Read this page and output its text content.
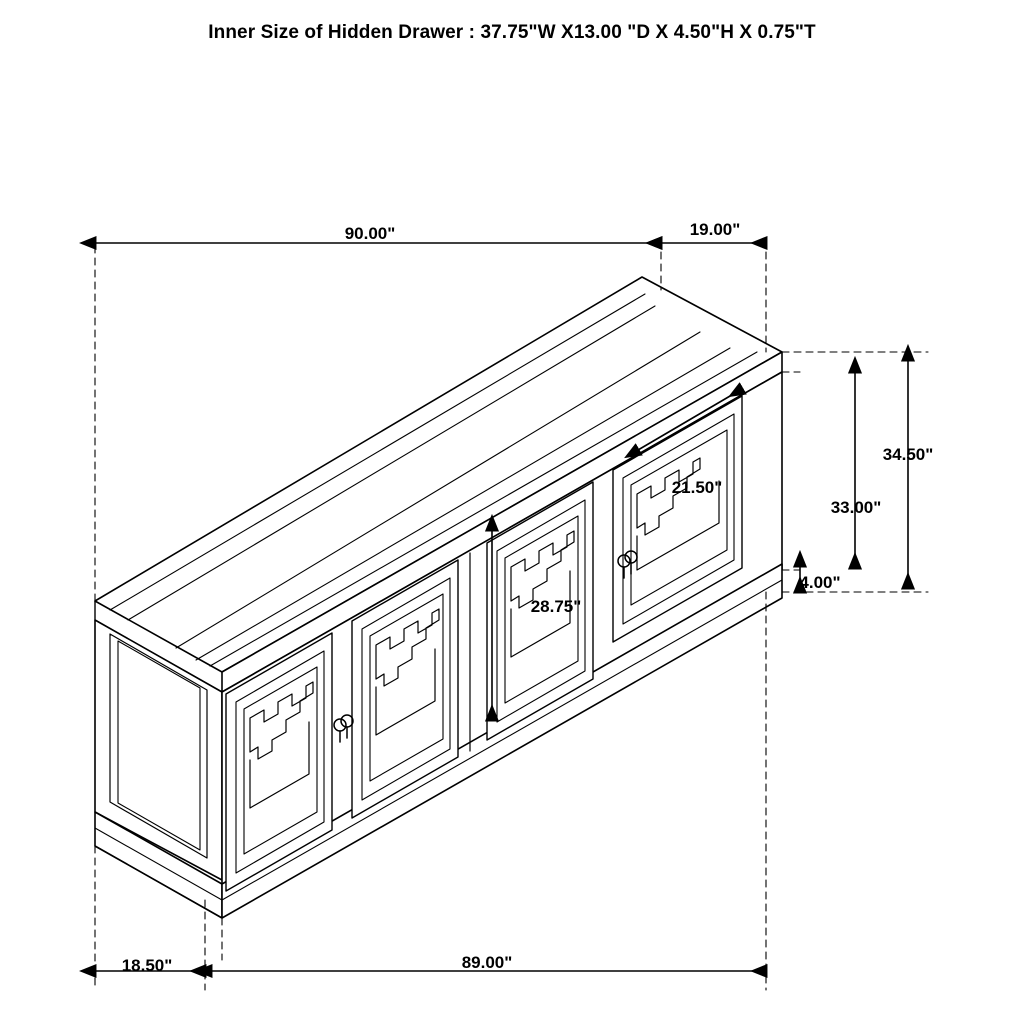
Inner Size of Hidden Drawer : 37.75"W X13.00 "D X 4.50"H X 0.75"T
90.00"	19.00"
34.50"
33.00"
4.00"
21.50"
28.75"
18.50"	89.00"
